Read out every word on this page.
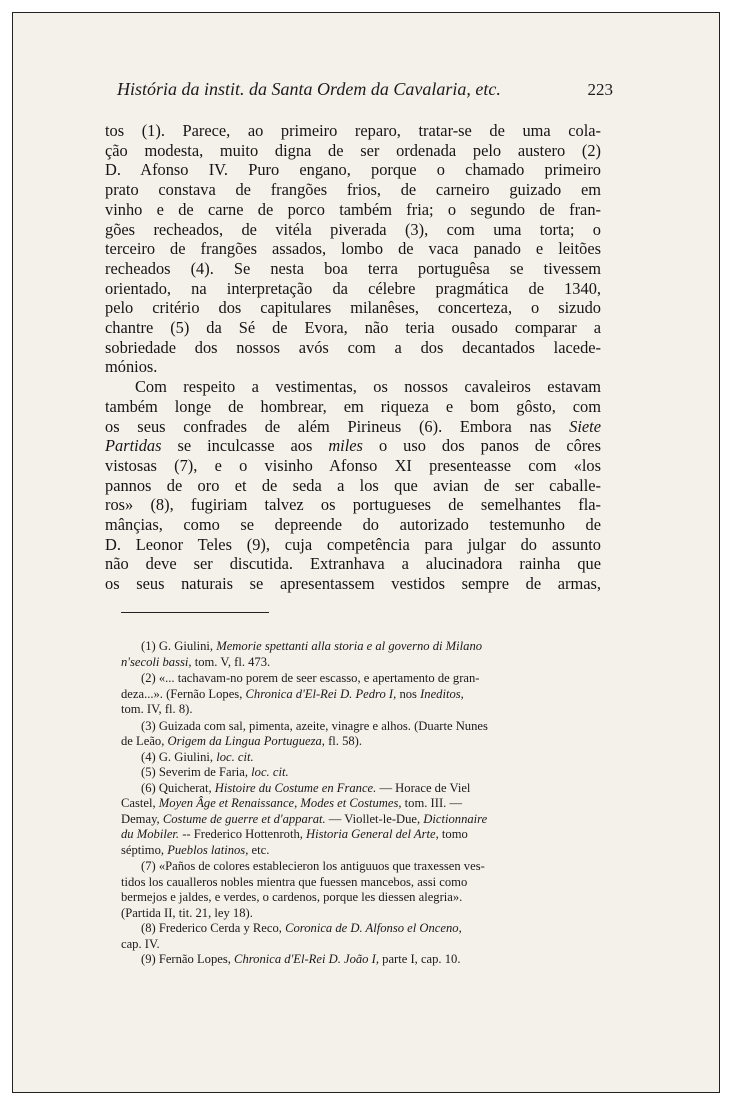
História da instit. da Santa Ordem da Cavalaria, etc.	223
tos (1). Parece, ao primeiro reparo, tratar-se de uma cola-
ção modesta, muito digna de ser ordenada pelo austero (2)
D. Afonso IV. Puro engano, porque o chamado primeiro
prato constava de frangões frios, de carneiro guizado em
vinho e de carne de porco também fria; o segundo de fran-
gões recheados, de vitéla piverada (3), com uma torta; o
terceiro de frangões assados, lombo de vaca panado e leitões
recheados (4). Se nesta boa terra portuguêsa se tivessem
orientado, na interpretação da célebre pragmática de 1340,
pelo critério dos capitulares milanêses, concerteza, o sizudo
chantre (5) da Sé de Evora, não teria ousado comparar a
sobriedade dos nossos avós com a dos decantados lacede-
mónios.
Com respeito a vestimentas, os nossos cavaleiros estavam
também longe de hombrear, em riqueza e bom gôsto, com
os seus confrades de além Pirineus (6). Embora nas Siete
Partidas se inculcasse aos miles o uso dos panos de côres
vistosas (7), e o visinho Afonso XI presenteasse com «los
pannos de oro et de seda a los que avian de ser caballe-
ros» (8), fugiriam talvez os portugueses de semelhantes fla-
mânçias, como se depreende do autorizado testemunho de
D. Leonor Teles (9), cuja competência para julgar do assunto
não deve ser discutida. Extranhava a alucinadora rainha que
os seus naturais se apresentassem vestidos sempre de armas,
(1) G. Giulini, Memorie spettanti alla storia e al governo di Milano
n'secoli bassi, tom. V, fl. 473.
(2) «... tachavam-no porem de seer escasso, e apertamento de gran-
deza...». (Fernão Lopes, Chronica d'El-Rei D. Pedro I, nos Ineditos,
tom. IV, fl. 8).
(3) Guizada com sal, pimenta, azeite, vinagre e alhos. (Duarte Nunes
de Leão, Origem da Lingua Portugueza, fl. 58).
(4) G. Giulini, loc. cit.
(5) Severim de Faria, loc. cit.
(6) Quicherat, Histoire du Costume en France. — Horace de Viel
Castel, Moyen Âge et Renaissance, Modes et Costumes, tom. III. —
Demay, Costume de guerre et d'apparat. — Viollet-le-Due, Dictionnaire
du Mobiler. -- Frederico Hottenroth, Historia General del Arte, tomo
séptimo, Pueblos latinos, etc.
(7) «Paños de colores establecieron los antiguuos que traxessen ves-
tidos los caualleros nobles mientra que fuessen mancebos, assi como
bermejos e jaldes, e verdes, o cardenos, porque les diessen alegria».
(Partida II, tit. 21, ley 18).
(8) Frederico Cerda y Reco, Coronica de D. Alfonso el Onceno,
cap. IV.
(9) Fernão Lopes, Chronica d'El-Rei D. João I, parte I, cap. 10.
